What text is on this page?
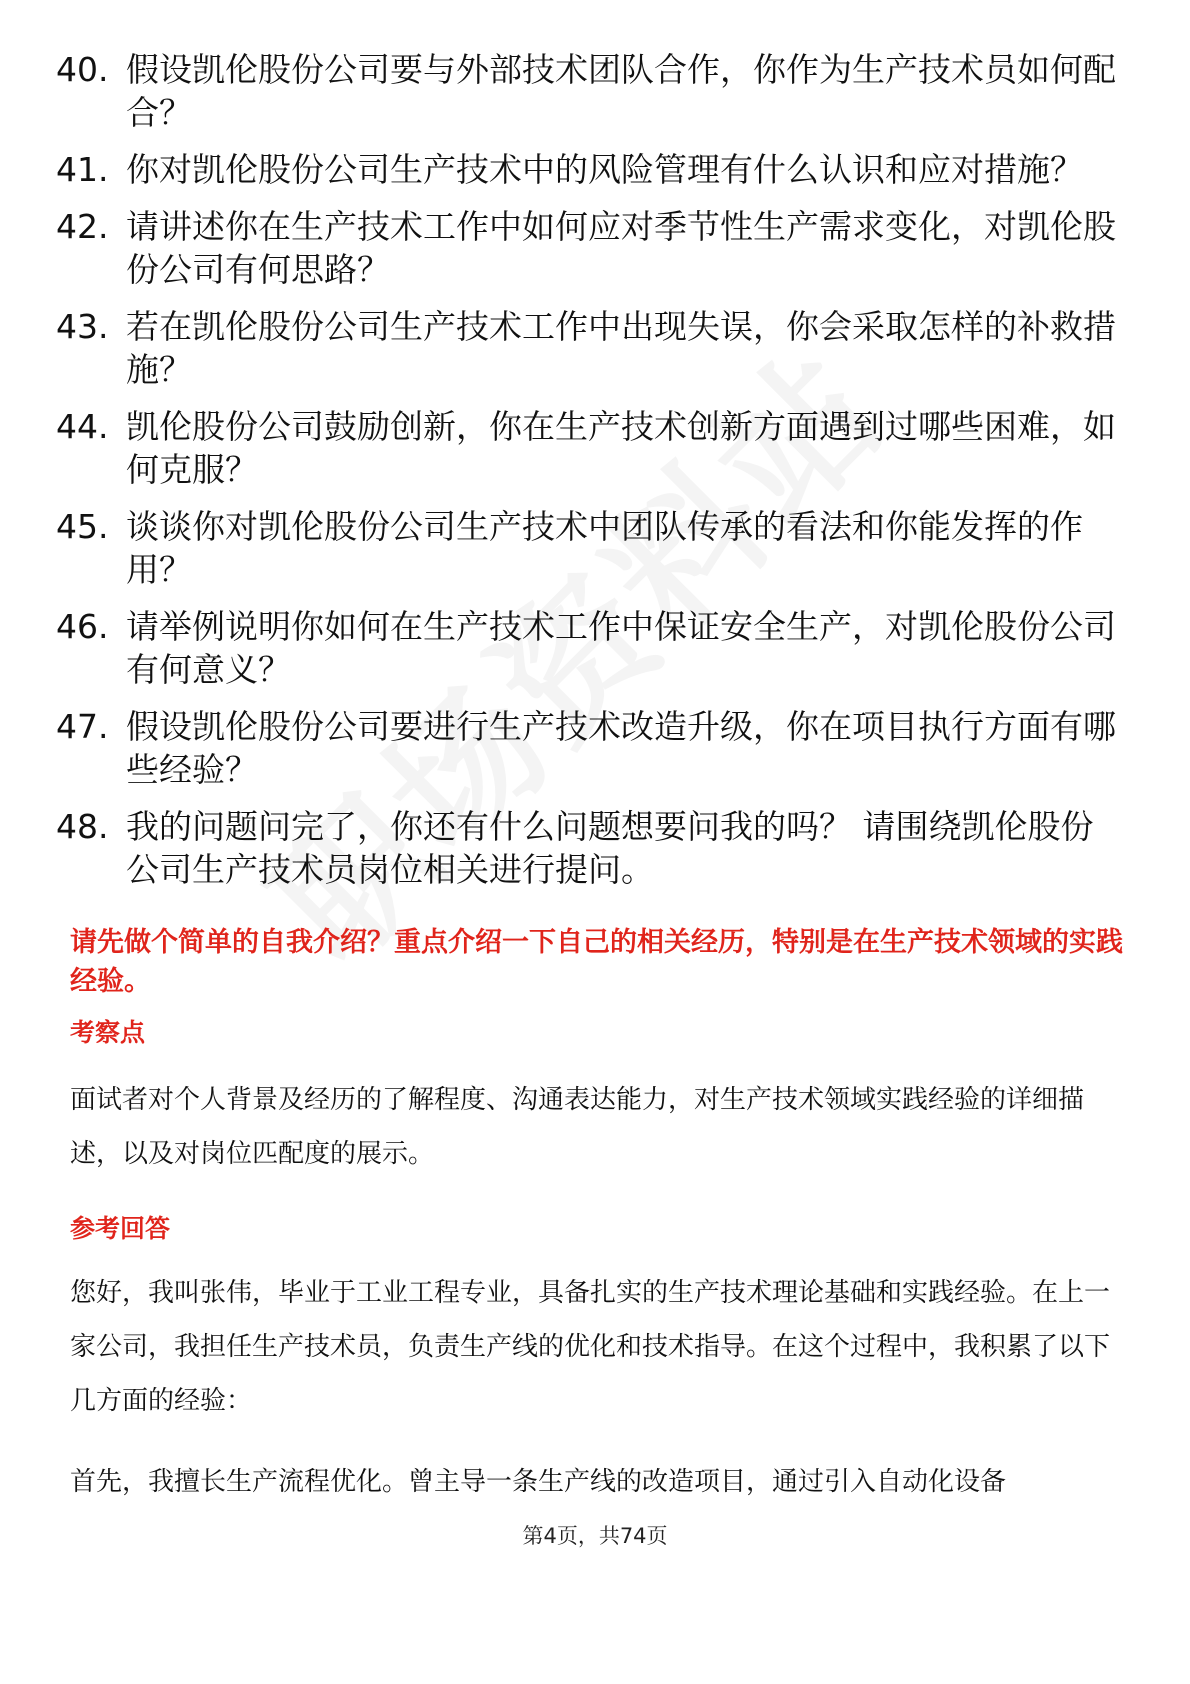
40. 假设凯伦股份公司要与外部技术团队合作，你作为生产技术员如何配合？
41. 你对凯伦股份公司生产技术中的风险管理有什么认识和应对措施？
42. 请讲述你在生产技术工作中如何应对季节性生产需求变化，对凯伦股份公司有何思路？
43. 若在凯伦股份公司生产技术工作中出现失误，你会采取怎样的补救措施？
44. 凯伦股份公司鼓励创新，你在生产技术创新方面遇到过哪些困难，如何克服？
45. 谈谈你对凯伦股份公司生产技术中团队传承的看法和你能发挥的作用？
46. 请举例说明你如何在生产技术工作中保证安全生产，对凯伦股份公司有何意义？
47. 假设凯伦股份公司要进行生产技术改造升级，你在项目执行方面有哪些经验？
48. 我的问题问完了，你还有什么问题想要问我的吗？ 请围绕凯伦股份公司生产技术员岗位相关进行提问。

请先做个简单的自我介绍？重点介绍一下自己的相关经历，特别是在生产技术领域的实践经验。

考察点

面试者对个人背景及经历的了解程度、沟通表达能力，对生产技术领域实践经验的详细描述，以及对岗位匹配度的展示。

参考回答

您好，我叫张伟，毕业于工业工程专业，具备扎实的生产技术理论基础和实践经验。在上一家公司，我担任生产技术员，负责生产线的优化和技术指导。在这个过程中，我积累了以下几方面的经验：

首先，我擅长生产流程优化。曾主导一条生产线的改造项目，通过引入自动化设备

第4页，共74页
